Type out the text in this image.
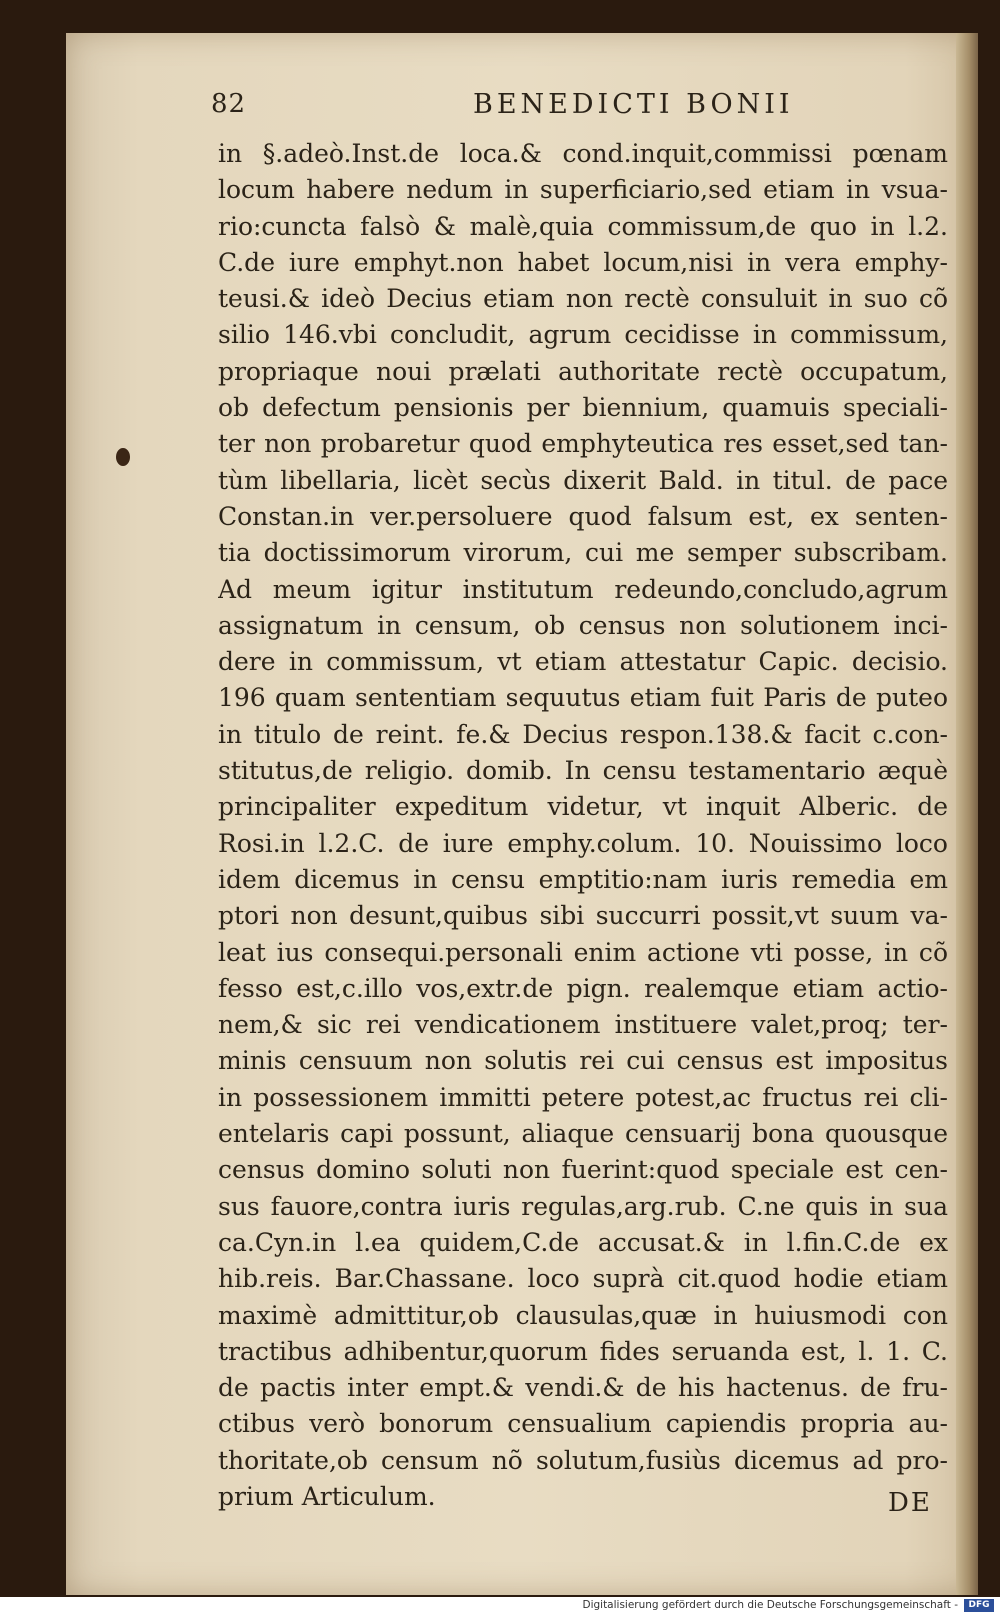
82	BENEDICTI BONII
in §.adeò.Inst.de loca.& cond.inquit,commissi pœnam
locum habere nedum in superficiario,sed etiam in vsua-
rio:cuncta falsò & malè,quia commissum,de quo in l.2.
C.de iure emphyt.non habet locum,nisi in vera emphy-
teusi.& ideò Decius etiam non rectè consuluit in suo cõ
silio 146.vbi concludit, agrum cecidisse in commissum,
propriaque noui prælati authoritate rectè occupatum,
ob defectum pensionis per biennium, quamuis speciali-
ter non probaretur quod emphyteutica res esset,sed tan-
tùm libellaria, licèt secùs dixerit Bald. in titul. de pace
Constan.in ver.persoluere quod falsum est, ex senten-
tia doctissimorum virorum, cui me semper subscribam.
Ad meum igitur institutum redeundo,concludo,agrum
assignatum in censum, ob census non solutionem inci-
dere in commissum, vt etiam attestatur Capic. decisio.
196 quam sententiam sequutus etiam fuit Paris de puteo
in titulo de reint. fe.& Decius respon.138.& facit c.con-
stitutus,de religio. domib. In censu testamentario æquè
principaliter expeditum videtur, vt inquit Alberic. de
Rosi.in l.2.C. de iure emphy.colum. 10. Nouissimo loco
idem dicemus in censu emptitio:nam iuris remedia em
ptori non desunt,quibus sibi succurri possit,vt suum va-
leat ius consequi.personali enim actione vti posse, in cõ
fesso est,c.illo vos,extr.de pign. realemque etiam actio-
nem,& sic rei vendicationem instituere valet,proq; ter-
minis censuum non solutis rei cui census est impositus
in possessionem immitti petere potest,ac fructus rei cli-
entelaris capi possunt, aliaque censuarij bona quousque
census domino soluti non fuerint:quod speciale est cen-
sus fauore,contra iuris regulas,arg.rub. C.ne quis in sua
ca.Cyn.in l.ea quidem,C.de accusat.& in l.fin.C.de ex
hib.reis. Bar.Chassane. loco suprà cit.quod hodie etiam
maximè admittitur,ob clausulas,quæ in huiusmodi con
tractibus adhibentur,quorum fides seruanda est, l. 1. C.
de pactis inter empt.& vendi.& de his hactenus. de fru-
ctibus verò bonorum censualium capiendis propria au-
thoritate,ob censum nõ solutum,fusiùs dicemus ad pro-
prium Articulum.	DE
Digitalisierung gefördert durch die Deutsche Forschungsgemeinschaft -	DFG
